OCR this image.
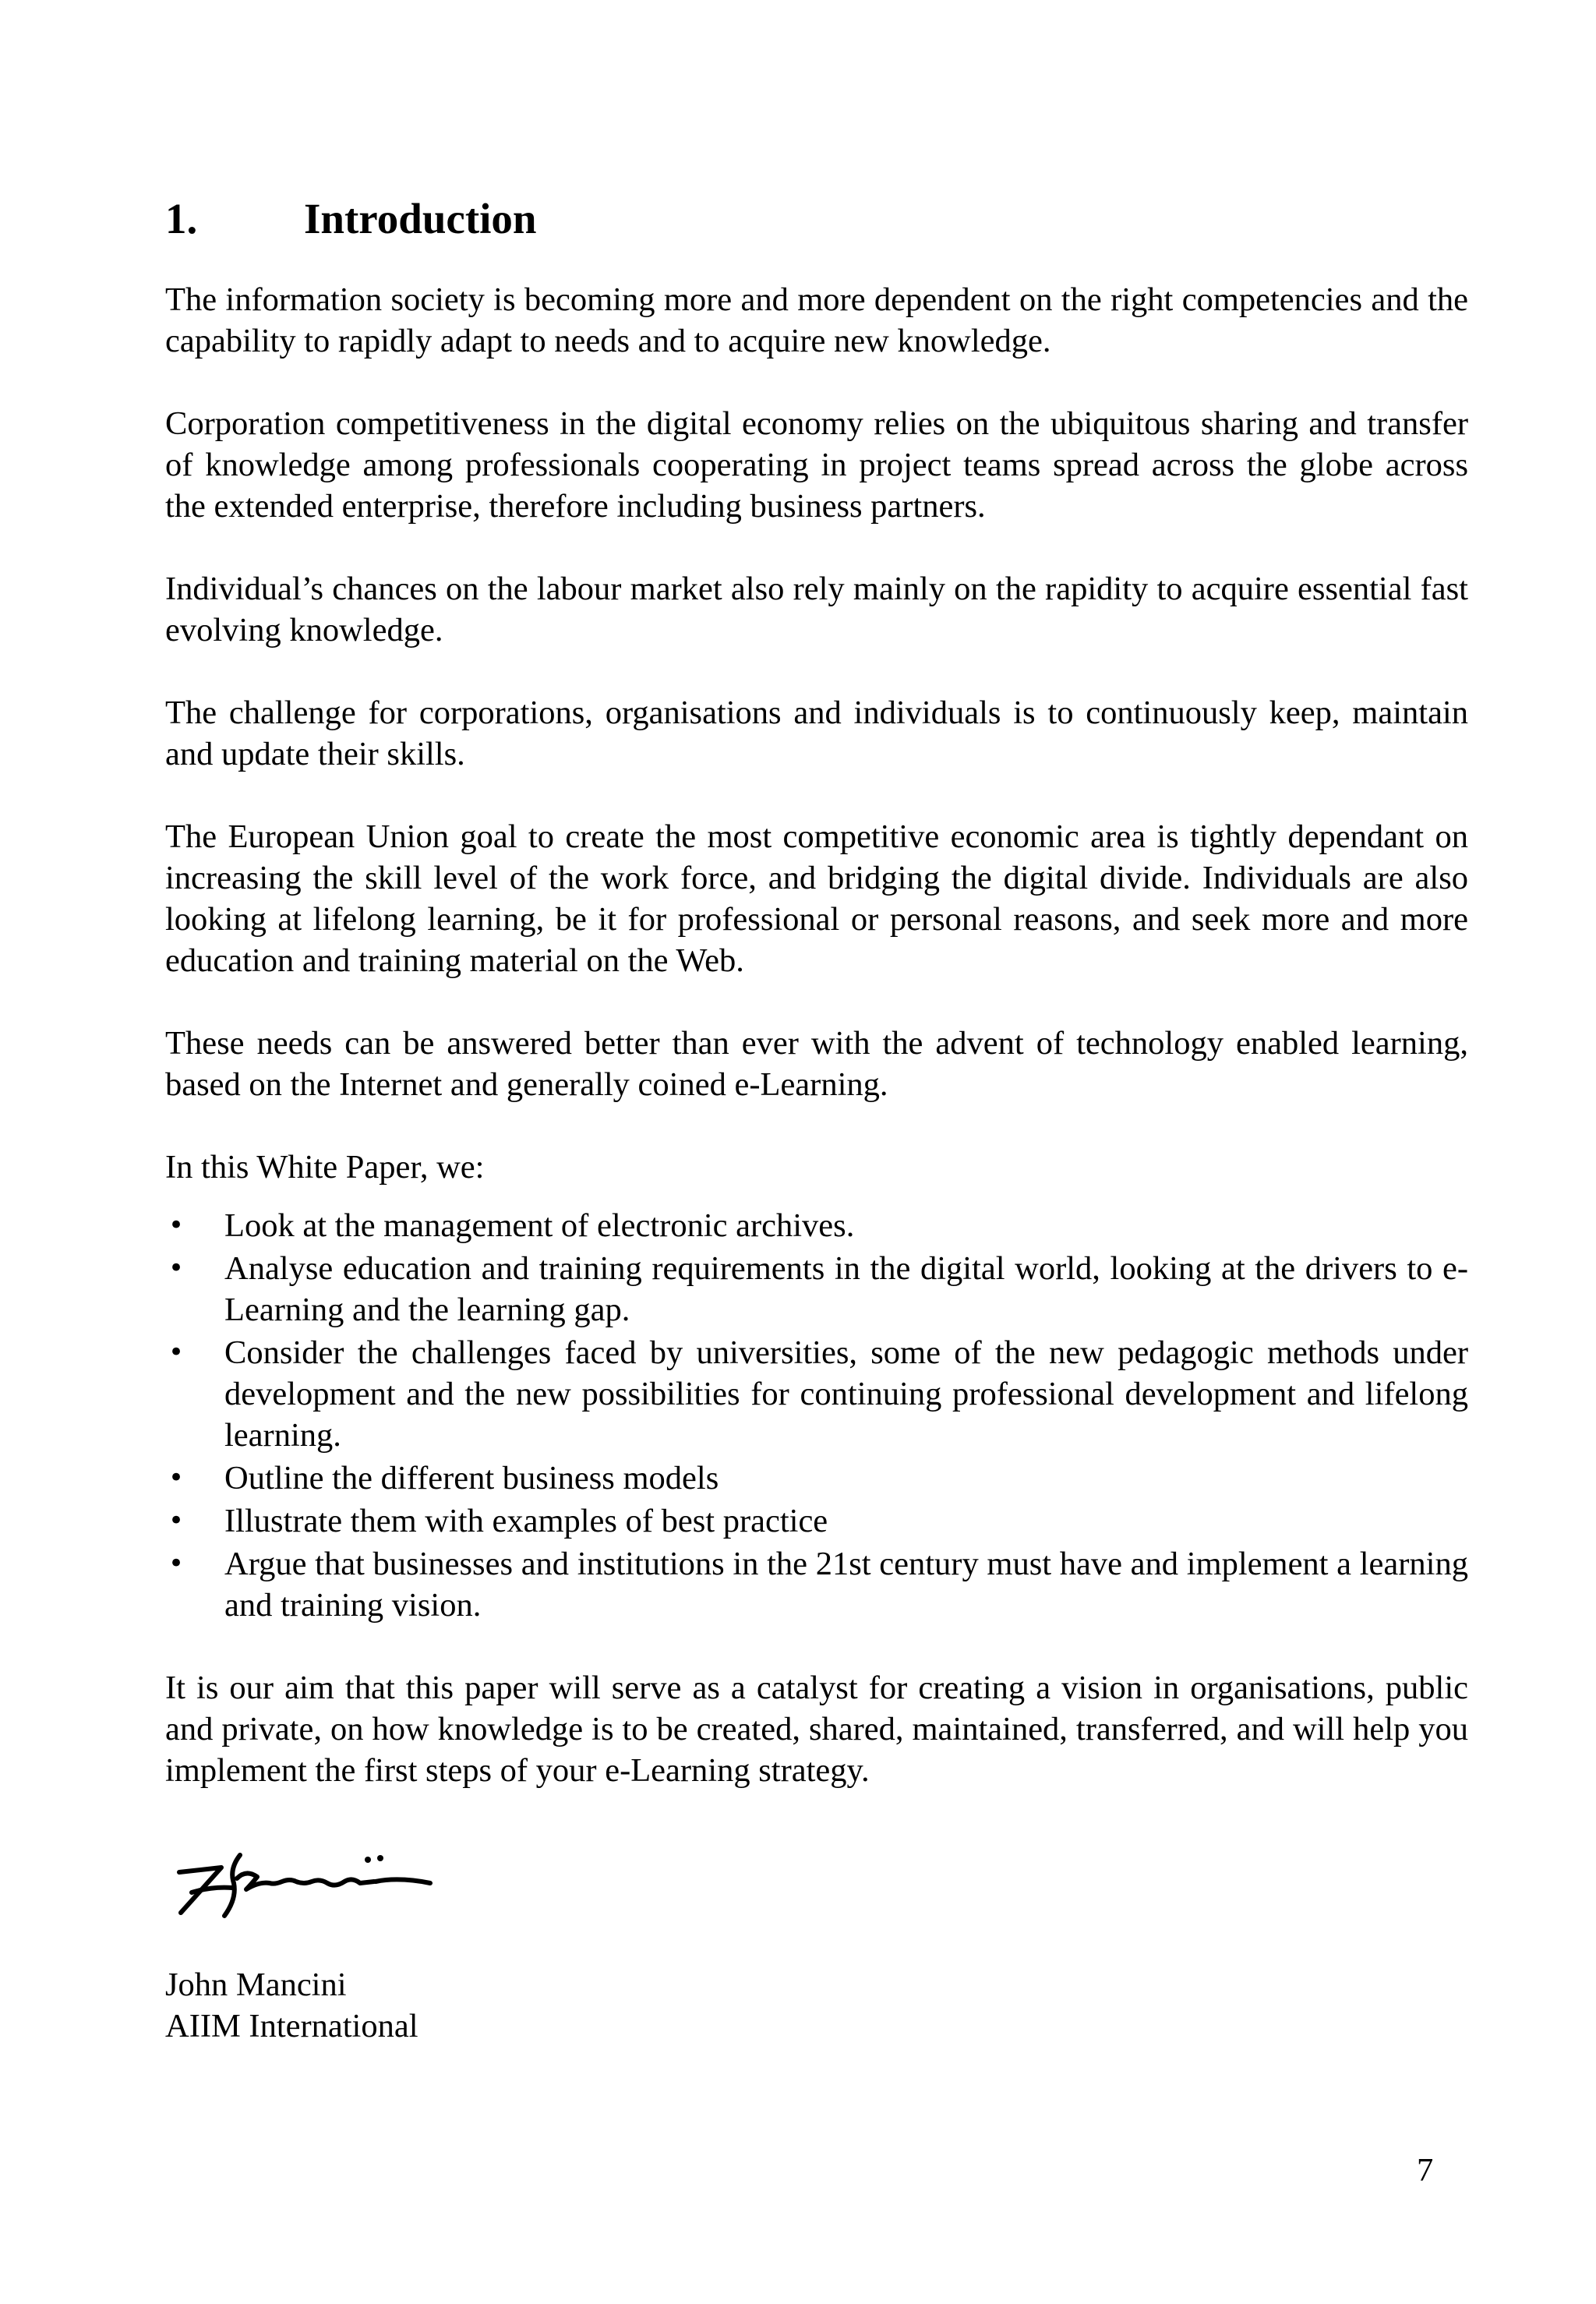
1. Introduction

The information society is becoming more and more dependent on the right competencies and the capability to rapidly adapt to needs and to acquire new knowledge.

Corporation competitiveness in the digital economy relies on the ubiquitous sharing and transfer of knowledge among professionals cooperating in project teams spread across the globe across the extended enterprise, therefore including business partners.

Individual’s chances on the labour market also rely mainly on the rapidity to acquire essential fast evolving knowledge.

The challenge for corporations, organisations and individuals is to continuously keep, maintain and update their skills.

The European Union goal to create the most competitive economic area is tightly dependant on increasing the skill level of the work force, and bridging the digital divide. Individuals are also looking at lifelong learning, be it for professional or personal reasons, and seek more and more education and training material on the Web.

These needs can be answered better than ever with the advent of technology enabled learning, based on the Internet and generally coined e-Learning.

In this White Paper, we:

• Look at the management of electronic archives.
• Analyse education and training requirements in the digital world, looking at the drivers to e-Learning and the learning gap.
• Consider the challenges faced by universities, some of the new pedagogic methods under development and the new possibilities for continuing professional development and lifelong learning.
• Outline the different business models
• Illustrate them with examples of best practice
• Argue that businesses and institutions in the 21st century must have and implement a learning and training vision.

It is our aim that this paper will serve as a catalyst for creating a vision in organisations, public and private, on how knowledge is to be created, shared, maintained, transferred, and will help you implement the first steps of your e-Learning strategy.

John Mancini
AIIM International
7
